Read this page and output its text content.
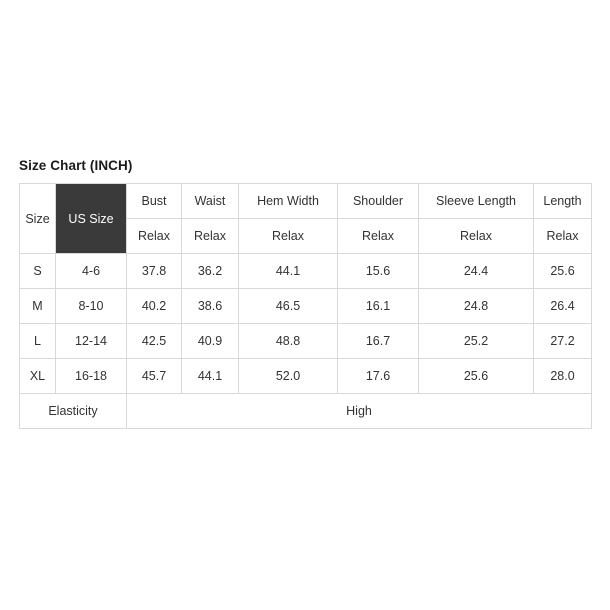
Size Chart (INCH)
Size	US Size	Bust	Waist	Hem Width	Shoulder	Sleeve Length	Length
		Relax	Relax	Relax	Relax	Relax	Relax
S	4-6	37.8	36.2	44.1	15.6	24.4	25.6
M	8-10	40.2	38.6	46.5	16.1	24.8	26.4
L	12-14	42.5	40.9	48.8	16.7	25.2	27.2
XL	16-18	45.7	44.1	52.0	17.6	25.6	28.0
Elasticity		High					
